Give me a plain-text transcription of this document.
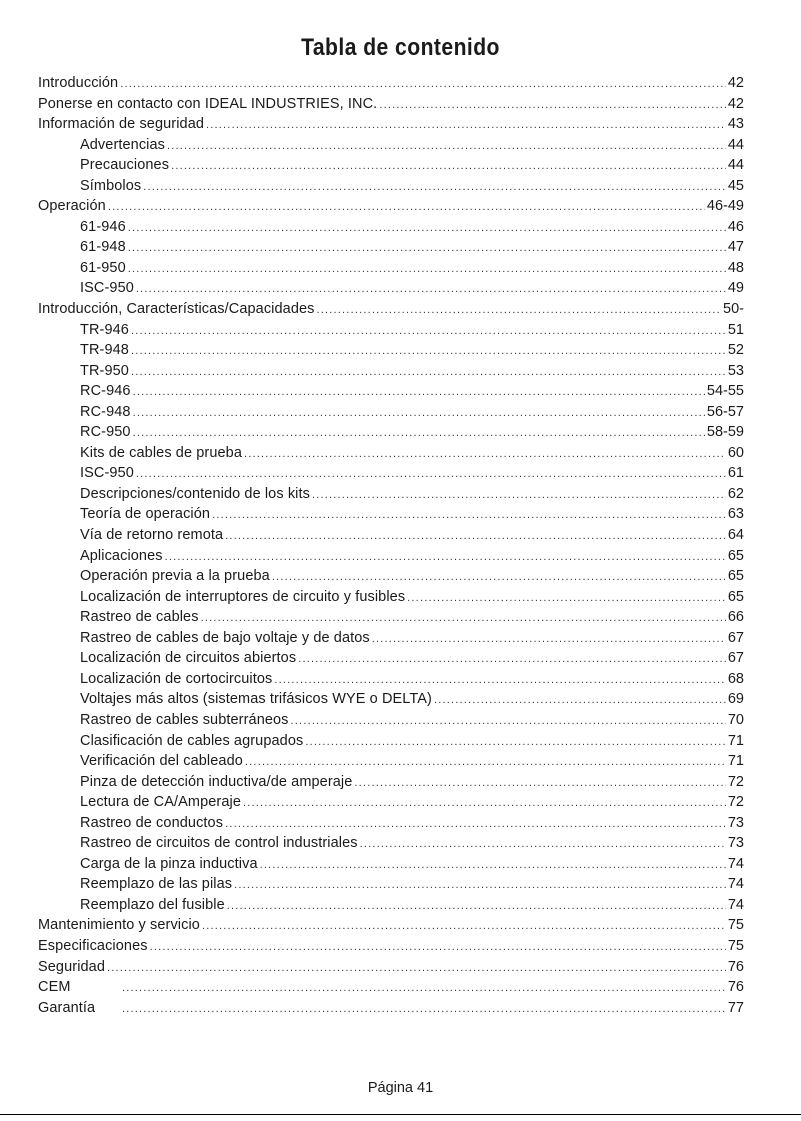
Tabla de contenido
Introducción .....	42
Ponerse en contacto con IDEAL INDUSTRIES, INC. .....	42
Información de seguridad .....	43
Advertencias .....	44
Precauciones .....	44
Símbolos .....	45
Operación .....	46-49
61-946 .....	46
61-948 .....	47
61-950 .....	48
ISC-950 .....	49
Introducción, Características/Capacidades .....	50-
TR-946 .....	51
TR-948 .....	52
TR-950 .....	53
RC-946 .....	54-55
RC-948 .....	56-57
RC-950 .....	58-59
Kits de cables de prueba .....	60
ISC-950 .....	61
Descripciones/contenido de los kits .....	62
Teoría de operación .....	63
Vía de retorno remota .....	64
Aplicaciones .....	65
Operación previa a la prueba .....	65
Localización de interruptores de circuito y fusibles .....	65
Rastreo de cables .....	66
Rastreo de cables de bajo voltaje y de datos .....	67
Localización de circuitos abiertos .....	67
Localización de cortocircuitos .....	68
Voltajes más altos (sistemas trifásicos WYE o DELTA) .....	69
Rastreo de cables subterráneos .....	70
Clasificación de cables agrupados .....	71
Verificación del cableado .....	71
Pinza de detección inductiva/de amperaje .....	72
Lectura de CA/Amperaje .....	72
Rastreo de conductos .....	73
Rastreo de circuitos de control industriales .....	73
Carga de la pinza inductiva .....	74
Reemplazo de las pilas .....	74
Reemplazo del fusible .....	74
Mantenimiento y servicio .....	75
Especificaciones .....	75
Seguridad .....	76
CEM .....	76
Garantía .....	77
Página 41
